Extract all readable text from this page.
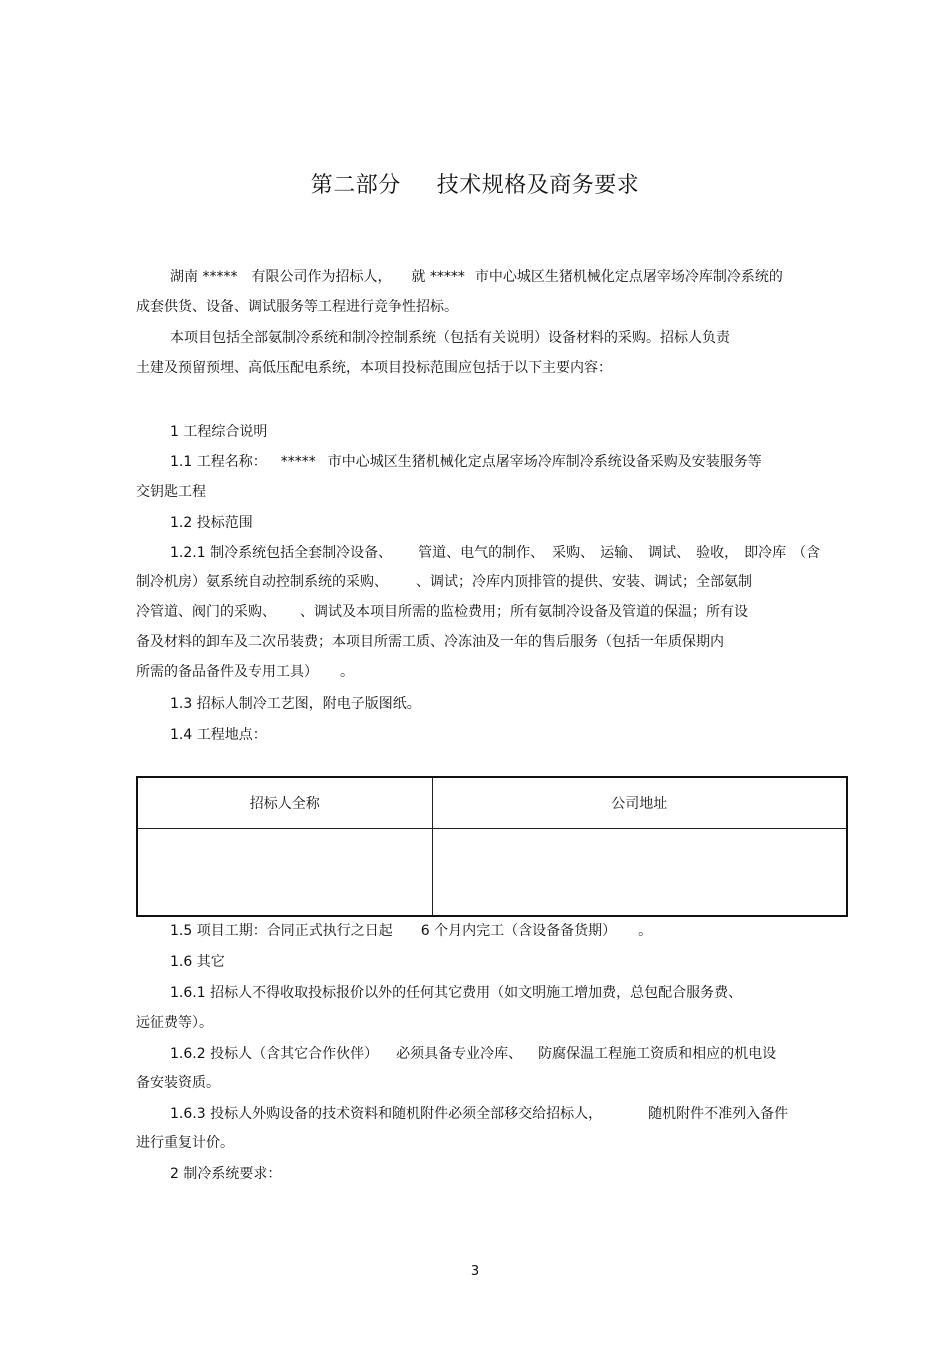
第二部分 技术规格及商务要求
湖南 ***** 有限公司作为招标人， 就 ***** 市中心城区生猪机械化定点屠宰场冷库制冷系统的
成套供货、设备、调试服务等工程进行竞争性招标。
本项目包括全部氨制冷系统和制冷控制系统（包括有关说明）设备材料的采购。招标人负责
土建及预留预埋、高低压配电系统，本项目投标范围应包括于以下主要内容：
1 工程综合说明
1.1 工程名称： ***** 市中心城区生猪机械化定点屠宰场冷库制冷系统设备采购及安装服务等
交钥匙工程
1.2 投标范围
1.2.1 制冷系统包括全套制冷设备、 管道、电气的制作、 采购、 运输、 调试、 验收， 即冷库 （含
制冷机房）氨系统自动控制系统的采购、 、调试；冷库内顶排管的提供、安装、调试；全部氨制
冷管道、阀门的采购、 、调试及本项目所需的监检费用；所有氨制冷设备及管道的保温；所有设
备及材料的卸车及二次吊装费；本项目所需工质、冷冻油及一年的售后服务（包括一年质保期内
所需的备品备件及专用工具） 。
1.3 招标人制冷工艺图，附电子版图纸。
1.4 工程地点：
招标人全称	公司地址

1.5 项目工期：合同正式执行之日起 6 个月内完工（含设备备货期） 。
1.6 其它
1.6.1 招标人不得收取投标报价以外的任何其它费用（如文明施工增加费，总包配合服务费、
远征费等）。
1.6.2 投标人（含其它合作伙伴） 必须具备专业冷库、 防腐保温工程施工资质和相应的机电设
备安装资质。
1.6.3 投标人外购设备的技术资料和随机附件必须全部移交给招标人，	随机附件不准列入备件
进行重复计价。
2 制冷系统要求：
3
